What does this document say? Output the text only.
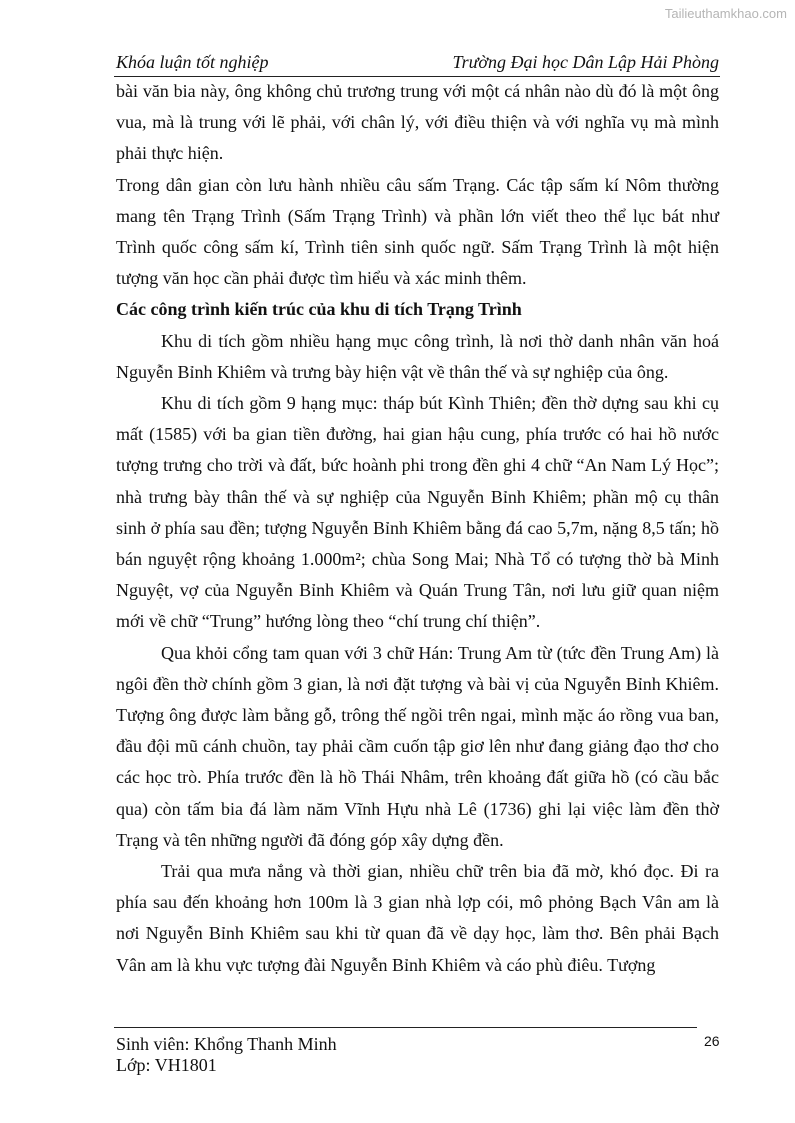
Tailieuthamkhao.com
Khóa luận tốt nghiệp	Trường Đại học Dân Lập Hải Phòng

bài văn bia này, ông không chủ trương trung với một cá nhân nào dù đó là một ông vua, mà là trung với lẽ phải, với chân lý, với điều thiện và với nghĩa vụ mà mình phải thực hiện.

Trong dân gian còn lưu hành nhiều câu sấm Trạng. Các tập sấm kí Nôm thường mang tên Trạng Trình (Sấm Trạng Trình) và phần lớn viết theo thể lục bát như Trình quốc công sấm kí, Trình tiên sinh quốc ngữ. Sấm Trạng Trình là một hiện tượng văn học cần phải được tìm hiểu và xác minh thêm.

Các công trình kiến trúc của khu di tích Trạng Trình

Khu di tích gồm nhiều hạng mục công trình, là nơi thờ danh nhân văn hoá Nguyễn Bỉnh Khiêm và trưng bày hiện vật về thân thế và sự nghiệp của ông.

Khu di tích gồm 9 hạng mục: tháp bút Kình Thiên; đền thờ dựng sau khi cụ mất (1585) với ba gian tiền đường, hai gian hậu cung, phía trước có hai hồ nước tượng trưng cho trời và đất, bức hoành phi trong đền ghi 4 chữ “An Nam Lý Học”; nhà trưng bày thân thế và sự nghiệp của Nguyễn Bỉnh Khiêm; phần mộ cụ thân sinh ở phía sau đền; tượng Nguyễn Bỉnh Khiêm bằng đá cao 5,7m, nặng 8,5 tấn; hồ bán nguyệt rộng khoảng 1.000m²; chùa Song Mai; Nhà Tổ có tượng thờ bà Minh Nguyệt, vợ của Nguyễn Bỉnh Khiêm và Quán Trung Tân, nơi lưu giữ quan niệm mới về chữ “Trung” hướng lòng theo “chí trung chí thiện”.

Qua khỏi cổng tam quan với 3 chữ Hán: Trung Am từ (tức đền Trung Am) là ngôi đền thờ chính gồm 3 gian, là nơi đặt tượng và bài vị của Nguyễn Bỉnh Khiêm. Tượng ông được làm bằng gỗ, trông thế ngồi trên ngai, mình mặc áo rồng vua ban, đầu đội mũ cánh chuồn, tay phải cầm cuốn tập giơ lên như đang giảng đạo thơ cho các học trò. Phía trước đền là hồ Thái Nhâm, trên khoảng đất giữa hồ (có cầu bắc qua) còn tấm bia đá làm năm Vĩnh Hựu nhà Lê (1736) ghi lại việc làm đền thờ Trạng và tên những người đã đóng góp xây dựng đền.

Trải qua mưa nắng và thời gian, nhiều chữ trên bia đã mờ, khó đọc. Đi ra phía sau đến khoảng hơn 100m là 3 gian nhà lợp cói, mô phỏng Bạch Vân am là nơi Nguyễn Bỉnh Khiêm sau khi từ quan đã về dạy học, làm thơ. Bên phải Bạch Vân am là khu vực tượng đài Nguyễn Bỉnh Khiêm và cáo phù điêu. Tượng

26
Sinh viên: Khổng Thanh Minh
Lớp: VH1801
